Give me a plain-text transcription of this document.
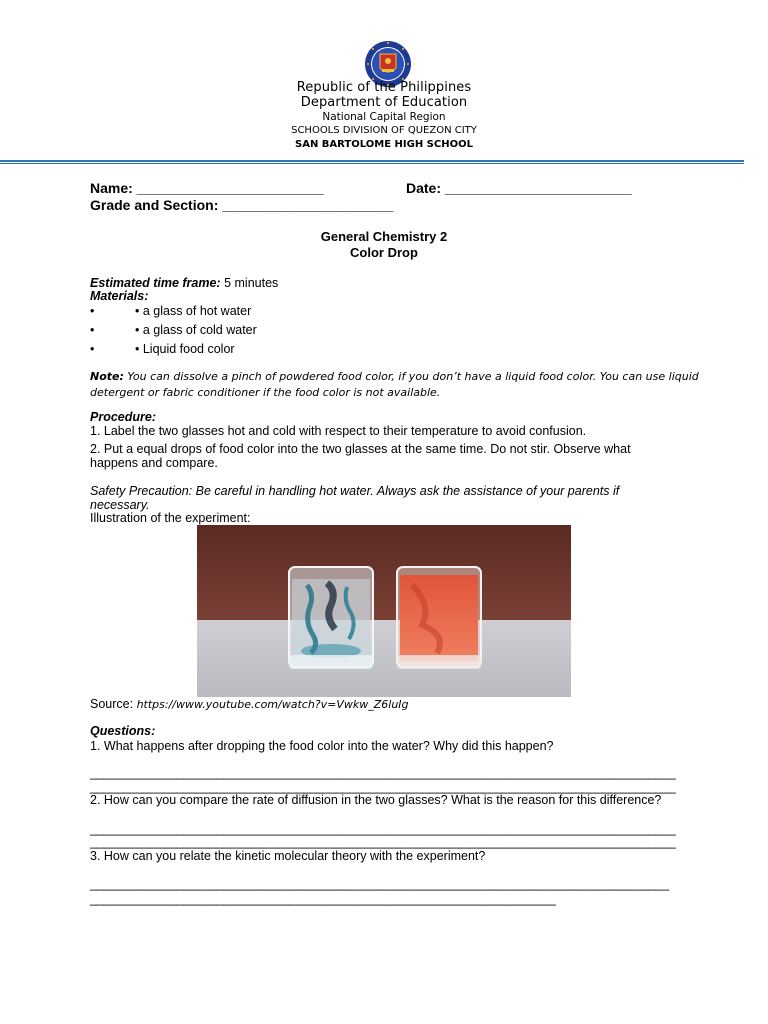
Republic of the Philippines
Department of Education
National Capital Region
SCHOOLS DIVISION OF QUEZON CITY
SAN BARTOLOME HIGH SCHOOL
Name: ________________________	Date: ________________________
Grade and Section: ______________________
General Chemistry 2
Color Drop
Estimated time frame: 5 minutes
Materials:
•	• a glass of hot water
•	• a glass of cold water
•	• Liquid food color
Note: You can dissolve a pinch of powdered food color, if you don’t have a liquid food color. You can use liquid
detergent or fabric conditioner if the food color is not available.
Procedure:
1. Label the two glasses hot and cold with respect to their temperature to avoid confusion.
2. Put a equal drops of food color into the two glasses at the same time. Do not stir. Observe what
happens and compare.
Safety Precaution: Be careful in handling hot water. Always ask the assistance of your parents if
necessary.
Illustration of the experiment:
Source: https://www.youtube.com/watch?v=Vwkw_Z6luIg
Questions:
1. What happens after dropping the food color into the water? Why did this happen?
________________________________________________________________________________________
________________________________________________________________________________________
2. How can you compare the rate of diffusion in the two glasses? What is the reason for this difference?
________________________________________________________________________________________
________________________________________________________________________________________
3. How can you relate the kinetic molecular theory with the experiment?
_______________________________________________________________________________________
______________________________________________________________________
